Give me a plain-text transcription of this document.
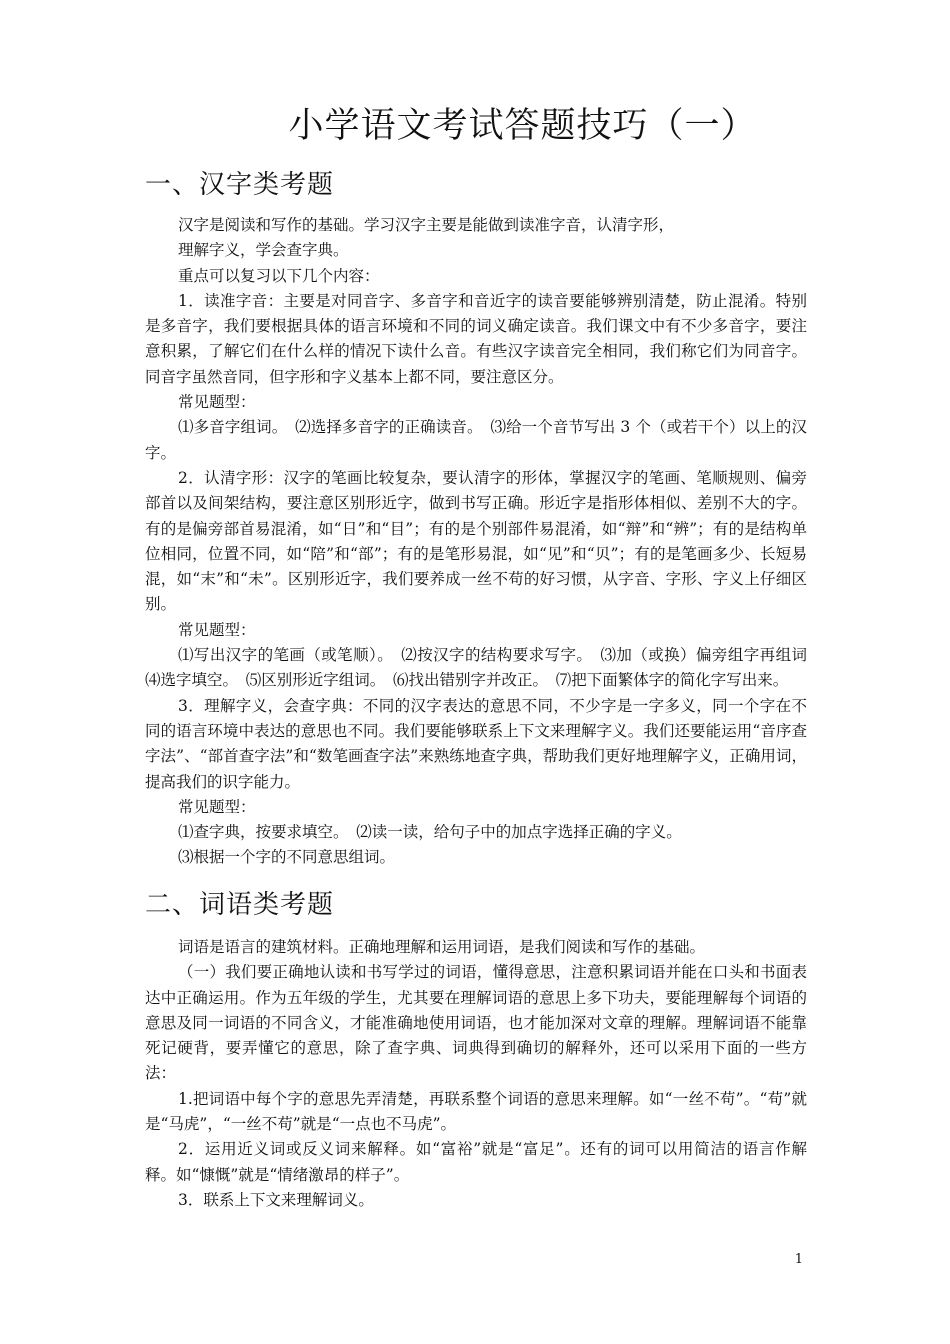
小学语文考试答题技巧（一）
一、汉字类考题

汉字是阅读和写作的基础。学习汉字主要是能做到读准字音，认清字形，

理解字义，学会查字典。

重点可以复习以下几个内容：

1．读准字音：主要是对同音字、多音字和音近字的读音要能够辨别清楚，防止混淆。特别是多音字，我们要根据具体的语言环境和不同的词义确定读音。我们课文中有不少多音字，要注意积累，了解它们在什么样的情况下读什么音。有些汉字读音完全相同，我们称它们为同音字。同音字虽然音同，但字形和字义基本上都不同，要注意区分。

常见题型：

⑴多音字组词。　⑵选择多音字的正确读音。　⑶给一个音节写出 3 个（或若干个）以上的汉字。

2．认清字形：汉字的笔画比较复杂，要认清字的形体，掌握汉字的笔画、笔顺规则、偏旁部首以及间架结构，要注意区别形近字，做到书写正确。形近字是指形体相似、差别不大的字。有的是偏旁部首易混淆，如“日”和“目”；有的是个别部件易混淆，如“辩”和“辨”；有的是结构单位相同，位置不同，如“陪”和“部”；有的是笔形易混，如“见”和“贝”；有的是笔画多少、长短易混，如“末”和“未”。区别形近字，我们要养成一丝不苟的好习惯，从字音、字形、字义上仔细区别。

常见题型：

⑴写出汉字的笔画（或笔顺）。　⑵按汉字的结构要求写字。　⑶加（或换）偏旁组字再组词　⑷选字填空。　⑸区别形近字组词。　⑹找出错别字并改正。　⑺把下面繁体字的简化字写出来。

3．理解字义，会查字典：不同的汉字表达的意思不同，不少字是一字多义，同一个字在不同的语言环境中表达的意思也不同。我们要能够联系上下文来理解字义。我们还要能运用“音序查字法”、“部首查字法”和“数笔画查字法”来熟练地查字典，帮助我们更好地理解字义，正确用词，提高我们的识字能力。

常见题型：

⑴查字典，按要求填空。　⑵读一读，给句子中的加点字选择正确的字义。

⑶根据一个字的不同意思组词。

二、词语类考题

词语是语言的建筑材料。正确地理解和运用词语，是我们阅读和写作的基础。

（一）我们要正确地认读和书写学过的词语，懂得意思，注意积累词语并能在口头和书面表达中正确运用。作为五年级的学生，尤其要在理解词语的意思上多下功夫，要能理解每个词语的意思及同一词语的不同含义，才能准确地使用词语，也才能加深对文章的理解。理解词语不能靠死记硬背，要弄懂它的意思，除了查字典、词典得到确切的解释外，还可以采用下面的一些方法：

1.把词语中每个字的意思先弄清楚，再联系整个词语的意思来理解。如“一丝不苟”。“苟”就是“马虎”，“一丝不苟”就是“一点也不马虎”。

2．运用近义词或反义词来解释。如“富裕”就是“富足”。还有的词可以用简洁的语言作解释。如“慷慨”就是“情绪激昂的样子”。

3．联系上下文来理解词义。

1
